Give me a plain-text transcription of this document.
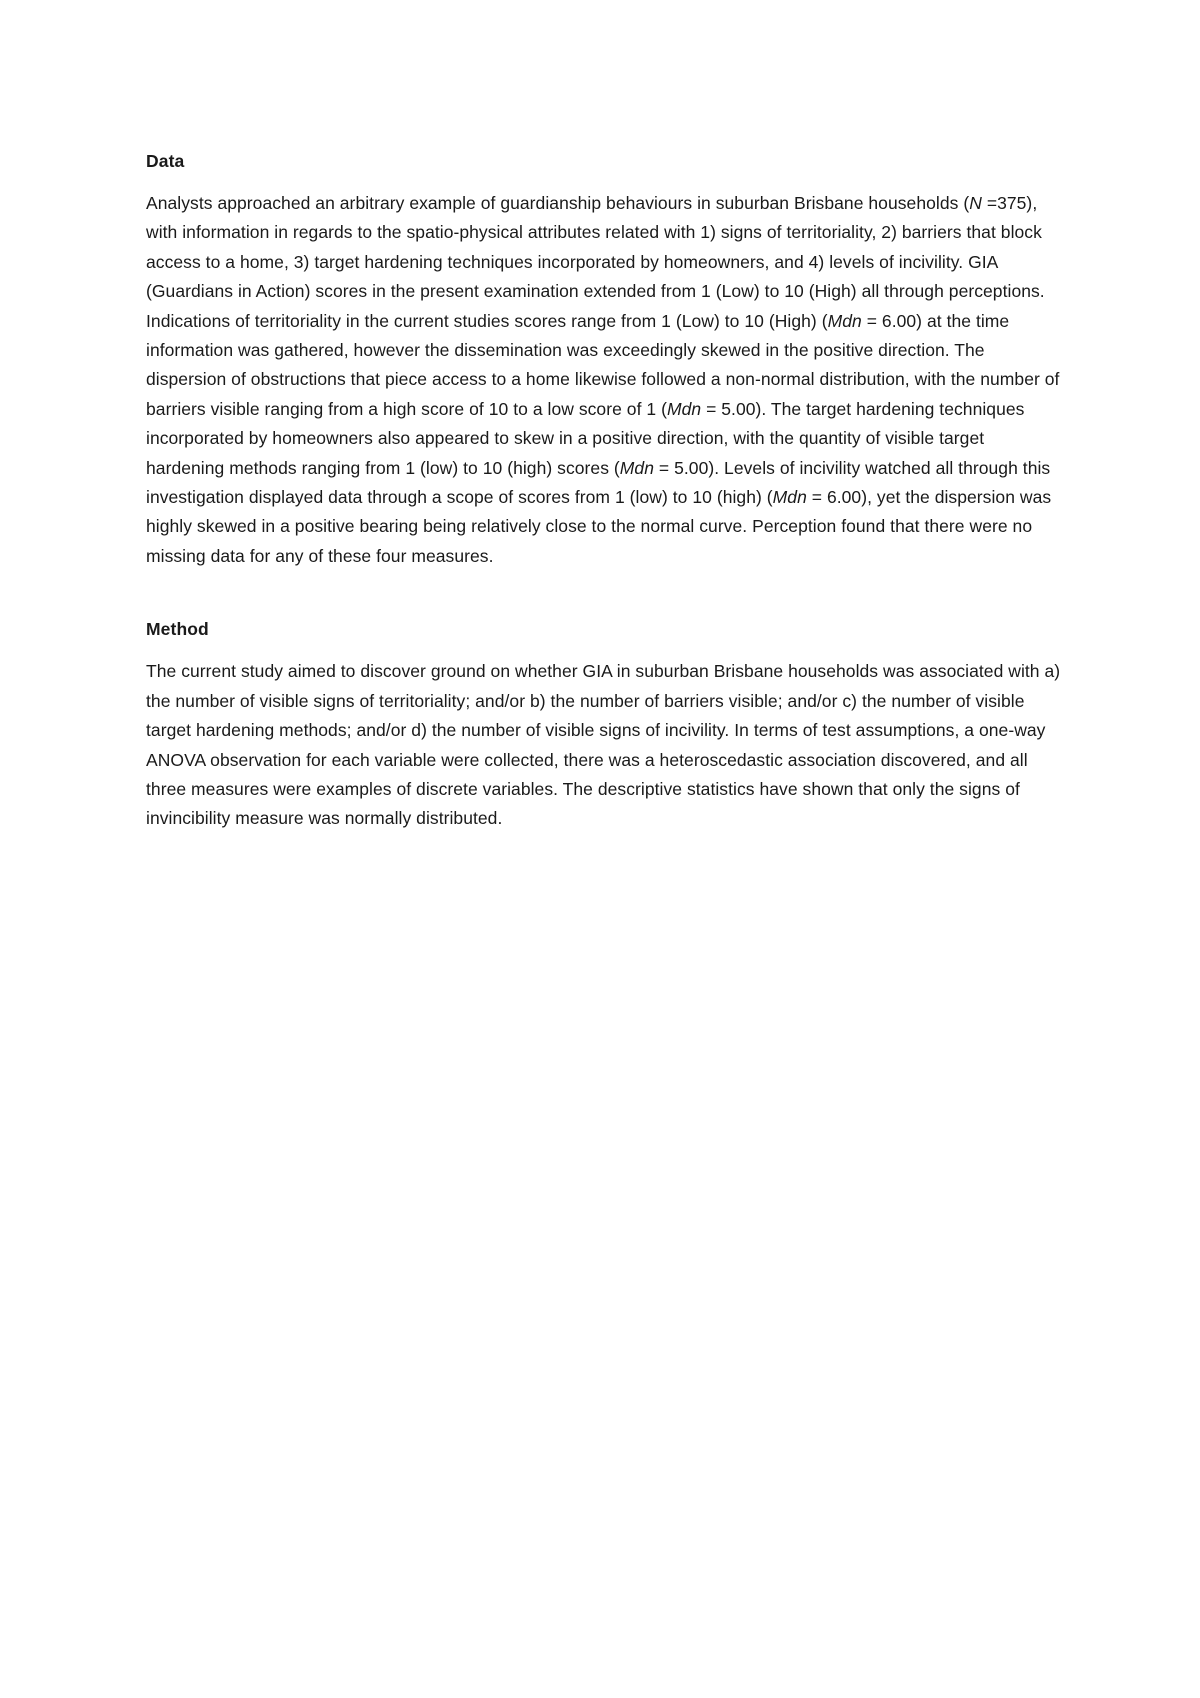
Data

Analysts approached an arbitrary example of guardianship behaviours in suburban Brisbane households (N =375), with information in regards to the spatio-physical attributes related with 1) signs of territoriality, 2) barriers that block access to a home, 3) target hardening techniques incorporated by homeowners, and 4) levels of incivility. GIA (Guardians in Action) scores in the present examination extended from 1 (Low) to 10 (High) all through perceptions. Indications of territoriality in the current studies scores range from 1 (Low) to 10 (High) (Mdn = 6.00) at the time information was gathered, however the dissemination was exceedingly skewed in the positive direction. The dispersion of obstructions that piece access to a home likewise followed a non-normal distribution, with the number of barriers visible ranging from a high score of 10 to a low score of 1 (Mdn = 5.00). The target hardening techniques incorporated by homeowners also appeared to skew in a positive direction, with the quantity of visible target hardening methods ranging from 1 (low) to 10 (high) scores (Mdn = 5.00). Levels of incivility watched all through this investigation displayed data through a scope of scores from 1 (low) to 10 (high) (Mdn = 6.00), yet the dispersion was highly skewed in a positive bearing being relatively close to the normal curve. Perception found that there were no missing data for any of these four measures.

Method

The current study aimed to discover ground on whether GIA in suburban Brisbane households was associated with a) the number of visible signs of territoriality; and/or b) the number of barriers visible; and/or c) the number of visible target hardening methods; and/or d) the number of visible signs of incivility. In terms of test assumptions, a one-way ANOVA observation for each variable were collected, there was a heteroscedastic association discovered, and all three measures were examples of discrete variables. The descriptive statistics have shown that only the signs of invincibility measure was normally distributed.
